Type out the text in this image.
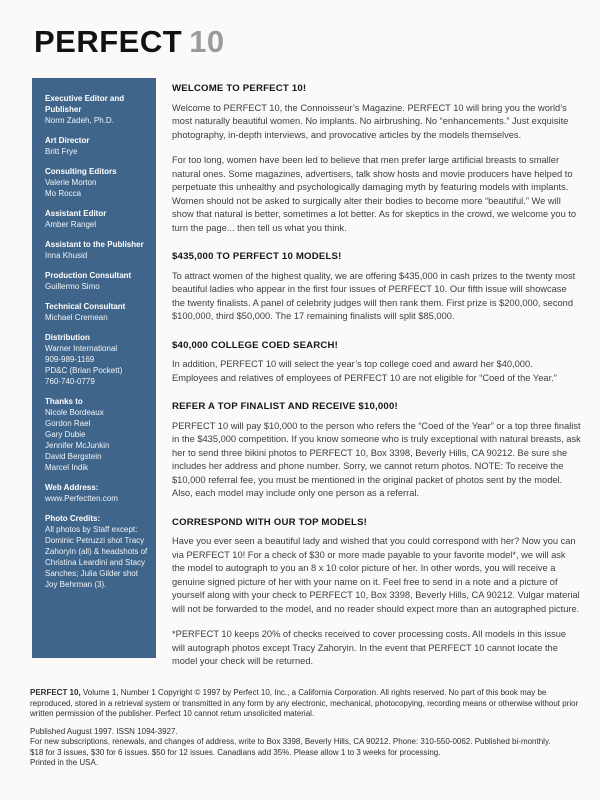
PERFECT 10
Executive Editor and Publisher
Norm Zadeh, Ph.D.
Art Director
Britt Frye
Consulting Editors
Valerie Morton
Mo Rocca
Assistant Editor
Amber Rangel
Assistant to the Publisher
Inna Khusid
Production Consultant
Guillermo Simo
Technical Consultant
Michael Cremean
Distribution
Warner International
909-989-1169
PD&C (Brian Pockett)
760-740-0779
Thanks to
Nicole Bordeaux
Gordon Rael
Gary Dubie
Jennifer McJunkin
David Bergstein
Marcel Indik
Web Address:
www.Perfectten.com
Photo Credits:
All photos by Staff except: Dominic Petruzzi shot Tracy Zahoryin (all) & headshots of Christina Leardini and Stacy Sanches; Julia Gilder shot Joy Behrman (3).
WELCOME TO PERFECT 10!

Welcome to PERFECT 10, the Connoisseur’s Magazine. PERFECT 10 will bring you the world’s most naturally beautiful women. No implants. No airbrushing. No “enhancements.” Just exquisite photography, in-depth interviews, and provocative articles by the models themselves.

For too long, women have been led to believe that men prefer large artificial breasts to smaller natural ones. Some magazines, advertisers, talk show hosts and movie producers have helped to perpetuate this unhealthy and psychologically damaging myth by featuring models with implants. Women should not be asked to surgically alter their bodies to become more “beautiful.” We will show that natural is better, sometimes a lot better. As for skeptics in the crowd, we welcome you to turn the page... then tell us what you think.

$435,000 TO PERFECT 10 MODELS!

To attract women of the highest quality, we are offering $435,000 in cash prizes to the twenty most beautiful ladies who appear in the first four issues of PERFECT 10. Our fifth issue will showcase the twenty finalists. A panel of celebrity judges will then rank them. First prize is $200,000, second $100,000, third $50,000. The 17 remaining finalists will split $85,000.

$40,000 COLLEGE COED SEARCH!

In addition, PERFECT 10 will select the year’s top college coed and award her $40,000. Employees and relatives of employees of PERFECT 10 are not eligible for “Coed of the Year.”

REFER A TOP FINALIST AND RECEIVE $10,000!

PERFECT 10 will pay $10,000 to the person who refers the “Coed of the Year” or a top three finalist in the $435,000 competition. If you know someone who is truly exceptional with natural breasts, ask her to send three bikini photos to PERFECT 10, Box 3398, Beverly Hills, CA 90212. Be sure she includes her address and phone number. Sorry, we cannot return photos. NOTE: To receive the $10,000 referral fee, you must be mentioned in the original packet of photos sent by the model. Also, each model may include only one person as a referral.

CORRESPOND WITH OUR TOP MODELS!

Have you ever seen a beautiful lady and wished that you could correspond with her? Now you can via PERFECT 10! For a check of $30 or more made payable to your favorite model*, we will ask the model to autograph to you an 8 x 10 color picture of her. In other words, you will receive a genuine signed picture of her with your name on it. Feel free to send in a note and a picture of yourself along with your check to PERFECT 10, Box 3398, Beverly Hills, CA 90212. Vulgar material will not be forwarded to the model, and no reader should expect more than an autographed picture.

*PERFECT 10 keeps 20% of checks received to cover processing costs. All models in this issue will autograph photos except Tracy Zahoryin. In the event that PERFECT 10 cannot locate the model your check will be returned.

PERFECT 10, Volume 1, Number 1 Copyright © 1997 by Perfect 10, Inc., a California Corporation. All rights reserved. No part of this book may be reproduced, stored in a retrieval system or transmitted in any form by any electronic, mechanical, photocopying, recording means or otherwise without prior written permission of the publisher. Perfect 10 cannot return unsolicited material.
Published August 1997. ISSN 1094-3927.
For new subscriptions, renewals, and changes of address, write to Box 3398, Beverly Hills, CA 90212. Phone: 310-550-0062. Published bi-monthly.
$18 for 3 issues, $30 for 6 issues. $50 for 12 issues. Canadians add 35%. Please allow 1 to 3 weeks for processing.
Printed in the USA.
